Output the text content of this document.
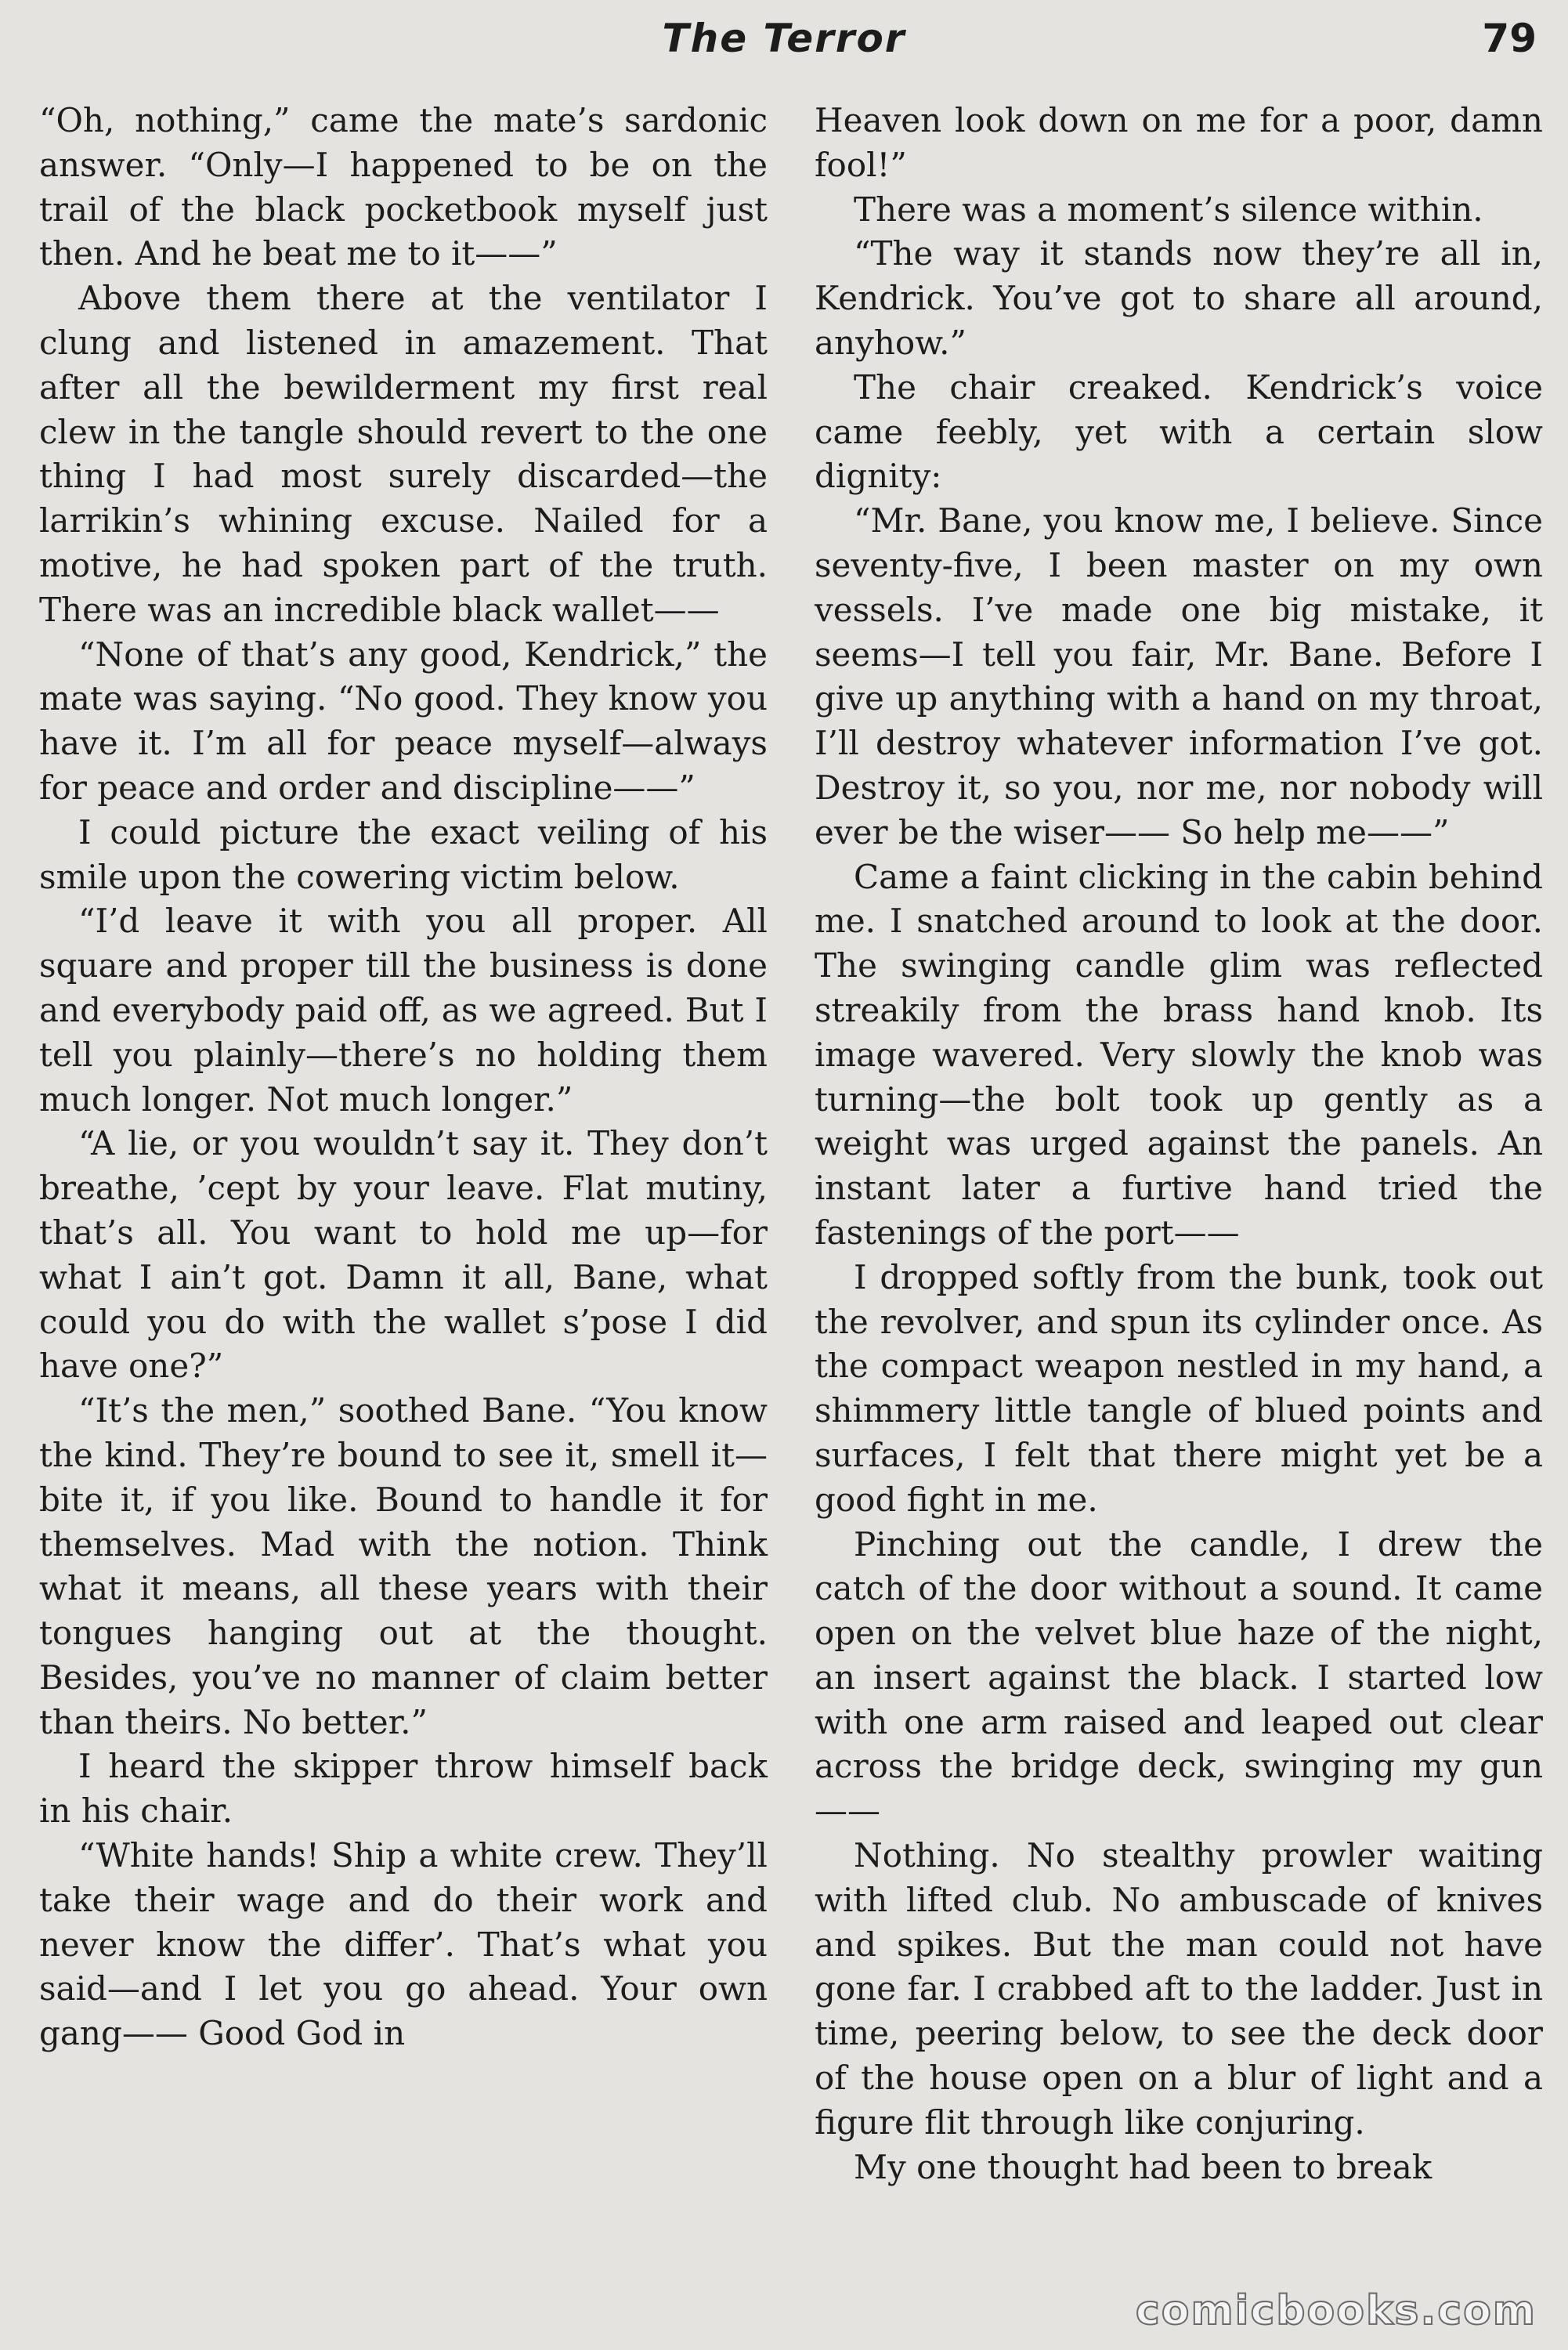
The Terror	79

“Oh, nothing,” came the mate’s sardonic answer. “Only—I happened to be on the trail of the black pocketbook myself just then. And he beat me to it——”

Above them there at the ventilator I clung and listened in amazement. That after all the bewilderment my first real clew in the tangle should revert to the one thing I had most surely discarded—the larrikin’s whining excuse. Nailed for a motive, he had spoken part of the truth. There was an incredible black wallet——

“None of that’s any good, Kendrick,” the mate was saying. “No good. They know you have it. I’m all for peace myself—always for peace and order and discipline——”

I could picture the exact veiling of his smile upon the cowering victim below.

“I’d leave it with you all proper. All square and proper till the business is done and everybody paid off, as we agreed. But I tell you plainly—there’s no holding them much longer. Not much longer.”

“A lie, or you wouldn’t say it. They don’t breathe, ’cept by your leave. Flat mutiny, that’s all. You want to hold me up—for what I ain’t got. Damn it all, Bane, what could you do with the wallet s’pose I did have one?”

“It’s the men,” soothed Bane. “You know the kind. They’re bound to see it, smell it—bite it, if you like. Bound to handle it for themselves. Mad with the notion. Think what it means, all these years with their tongues hanging out at the thought. Besides, you’ve no manner of claim better than theirs. No better.”

I heard the skipper throw himself back in his chair.

“White hands! Ship a white crew. They’ll take their wage and do their work and never know the differ’. That’s what you said—and I let you go ahead. Your own gang—— Good God in

Heaven look down on me for a poor, damn fool!”

There was a moment’s silence within.

“The way it stands now they’re all in, Kendrick. You’ve got to share all around, anyhow.”

The chair creaked. Kendrick’s voice came feebly, yet with a certain slow dignity:

“Mr. Bane, you know me, I believe. Since seventy-five, I been master on my own vessels. I’ve made one big mistake, it seems—I tell you fair, Mr. Bane. Before I give up anything with a hand on my throat, I’ll destroy whatever information I’ve got. Destroy it, so you, nor me, nor nobody will ever be the wiser—— So help me——”

Came a faint clicking in the cabin behind me. I snatched around to look at the door. The swinging candle glim was reflected streakily from the brass hand knob. Its image wavered. Very slowly the knob was turning—the bolt took up gently as a weight was urged against the panels. An instant later a furtive hand tried the fastenings of the port——

I dropped softly from the bunk, took out the revolver, and spun its cylinder once. As the compact weapon nestled in my hand, a shimmery little tangle of blued points and surfaces, I felt that there might yet be a good fight in me.

Pinching out the candle, I drew the catch of the door without a sound. It came open on the velvet blue haze of the night, an insert against the black. I started low with one arm raised and leaped out clear across the bridge deck, swinging my gun——

Nothing. No stealthy prowler waiting with lifted club. No ambuscade of knives and spikes. But the man could not have gone far. I crabbed aft to the ladder. Just in time, peering below, to see the deck door of the house open on a blur of light and a figure flit through like conjuring.

My one thought had been to break

comicbooks.com
